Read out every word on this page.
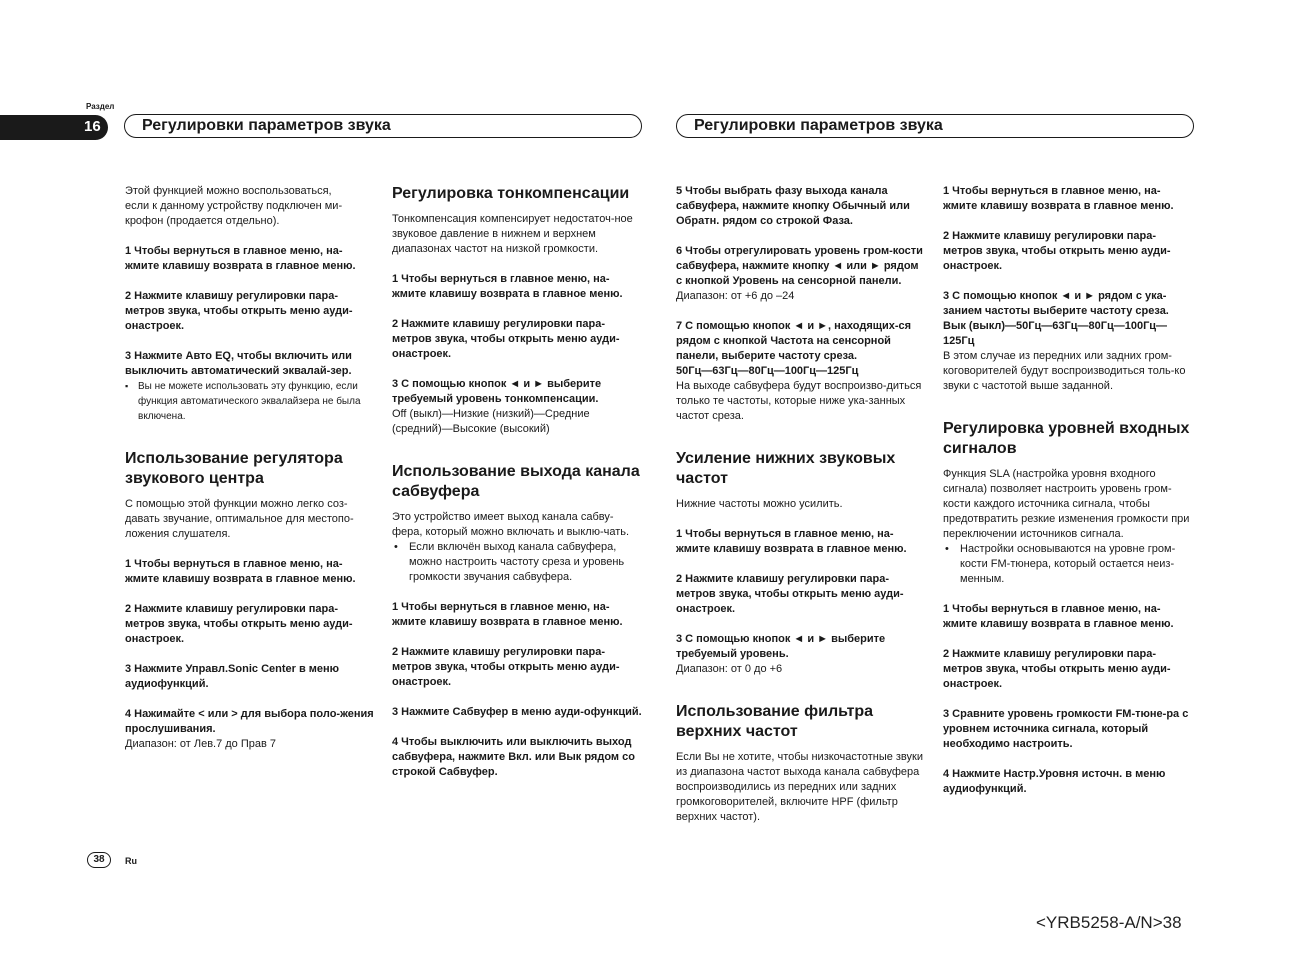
Раздел
16	Регулировки параметров звука	Регулировки параметров звука

Этой функцией можно воспользоваться,

если к данному устройству подключен ми-

крофон (продается отдельно).

1 Чтобы вернуться в главное меню, на-жмите клавишу возврата в главное меню.

2 Нажмите клавишу регулировки пара-метров звука, чтобы открыть меню ауди-онастроек.

3 Нажмите Авто EQ, чтобы включить или выключить автоматический эквалай-зер.

▪ Вы не можете использовать эту функцию, если функция автоматического эквалайзера не была включена.

Использование регулятора звукового центра

С помощью этой функции можно легко соз-давать звучание, оптимальное для местопо-ложения слушателя.

1 Чтобы вернуться в главное меню, на-жмите клавишу возврата в главное меню.

2 Нажмите клавишу регулировки пара-метров звука, чтобы открыть меню ауди-онастроек.

3 Нажмите Управл.Sonic Center в меню аудиофункций.

4 Нажимайте < или > для выбора поло-жения прослушивания.

Диапазон: от Лев.7 до Прав 7

Регулировка тонкомпенсации

Тонкомпенсация компенсирует недостаточ-ное звуковое давление в нижнем и верхнем диапазонах частот на низкой громкости.

1 Чтобы вернуться в главное меню, на-жмите клавишу возврата в главное меню.

2 Нажмите клавишу регулировки пара-метров звука, чтобы открыть меню ауди-онастроек.

3 С помощью кнопок ◄ и ► выберите требуемый уровень тонкомпенсации.

Off (выкл)—Низкие (низкий)—Средние (средний)—Высокие (высокий)

Использование выхода канала сабвуфера

Это устройство имеет выход канала сабву-фера, который можно включать и выклю-чать.

• Если включён выход канала сабвуфера, можно настроить частоту среза и уровень громкости звучания сабвуфера.

1 Чтобы вернуться в главное меню, на-жмите клавишу возврата в главное меню.

2 Нажмите клавишу регулировки пара-метров звука, чтобы открыть меню ауди-онастроек.

3 Нажмите Сабвуфер в меню ауди-офункций.

4 Чтобы выключить или выключить выход сабвуфера, нажмите Вкл. или Вык рядом со строкой Сабвуфер.

5 Чтобы выбрать фазу выхода канала сабвуфера, нажмите кнопку Обычный или Обратн. рядом со строкой Фаза.

6 Чтобы отрегулировать уровень гром-кости сабвуфера, нажмите кнопку ◄ или ► рядом с кнопкой Уровень на сенсорной панели.

Диапазон: от +6 до –24

7 С помощью кнопок ◄ и ►, находящих-ся рядом с кнопкой Частота на сенсорной панели, выберите частоту среза.

50Гц—63Гц—80Гц—100Гц—125Гц

На выходе сабвуфера будут воспроизво-диться только те частоты, которые ниже ука-занных частот среза.

Усиление нижних звуковых частот

Нижние частоты можно усилить.

1 Чтобы вернуться в главное меню, на-жмите клавишу возврата в главное меню.

2 Нажмите клавишу регулировки пара-метров звука, чтобы открыть меню ауди-онастроек.

3 С помощью кнопок ◄ и ► выберите требуемый уровень.

Диапазон: от 0 до +6

Использование фильтра верхних частот

Если Вы не хотите, чтобы низкочастотные звуки из диапазона частот выхода канала сабвуфера воспроизводились из передних или задних громкоговорителей, включите HPF (фильтр верхних частот).

1 Чтобы вернуться в главное меню, на-жмите клавишу возврата в главное меню.

2 Нажмите клавишу регулировки пара-метров звука, чтобы открыть меню ауди-онастроек.

3 С помощью кнопок ◄ и ► рядом с ука-занием частоты выберите частоту среза.

Вык (выкл)—50Гц—63Гц—80Гц—100Гц—125Гц

В этом случае из передних или задних гром-коговорителей будут воспроизводиться толь-ко звуки с частотой выше заданной.

Регулировка уровней входных сигналов

Функция SLA (настройка уровня входного сигнала) позволяет настроить уровень гром-кости каждого источника сигнала, чтобы предотвратить резкие изменения громкости при переключении источников сигнала.

• Настройки основываются на уровне гром-кости FM-тюнера, который остается неиз-менным.

1 Чтобы вернуться в главное меню, на-жмите клавишу возврата в главное меню.

2 Нажмите клавишу регулировки пара-метров звука, чтобы открыть меню ауди-онастроек.

3 Сравните уровень громкости FM-тюне-ра с уровнем источника сигнала, который необходимо настроить.

4 Нажмите Настр.Уровня источн. в меню аудиофункций.

38	Ru
<YRB5258-A/N>38
